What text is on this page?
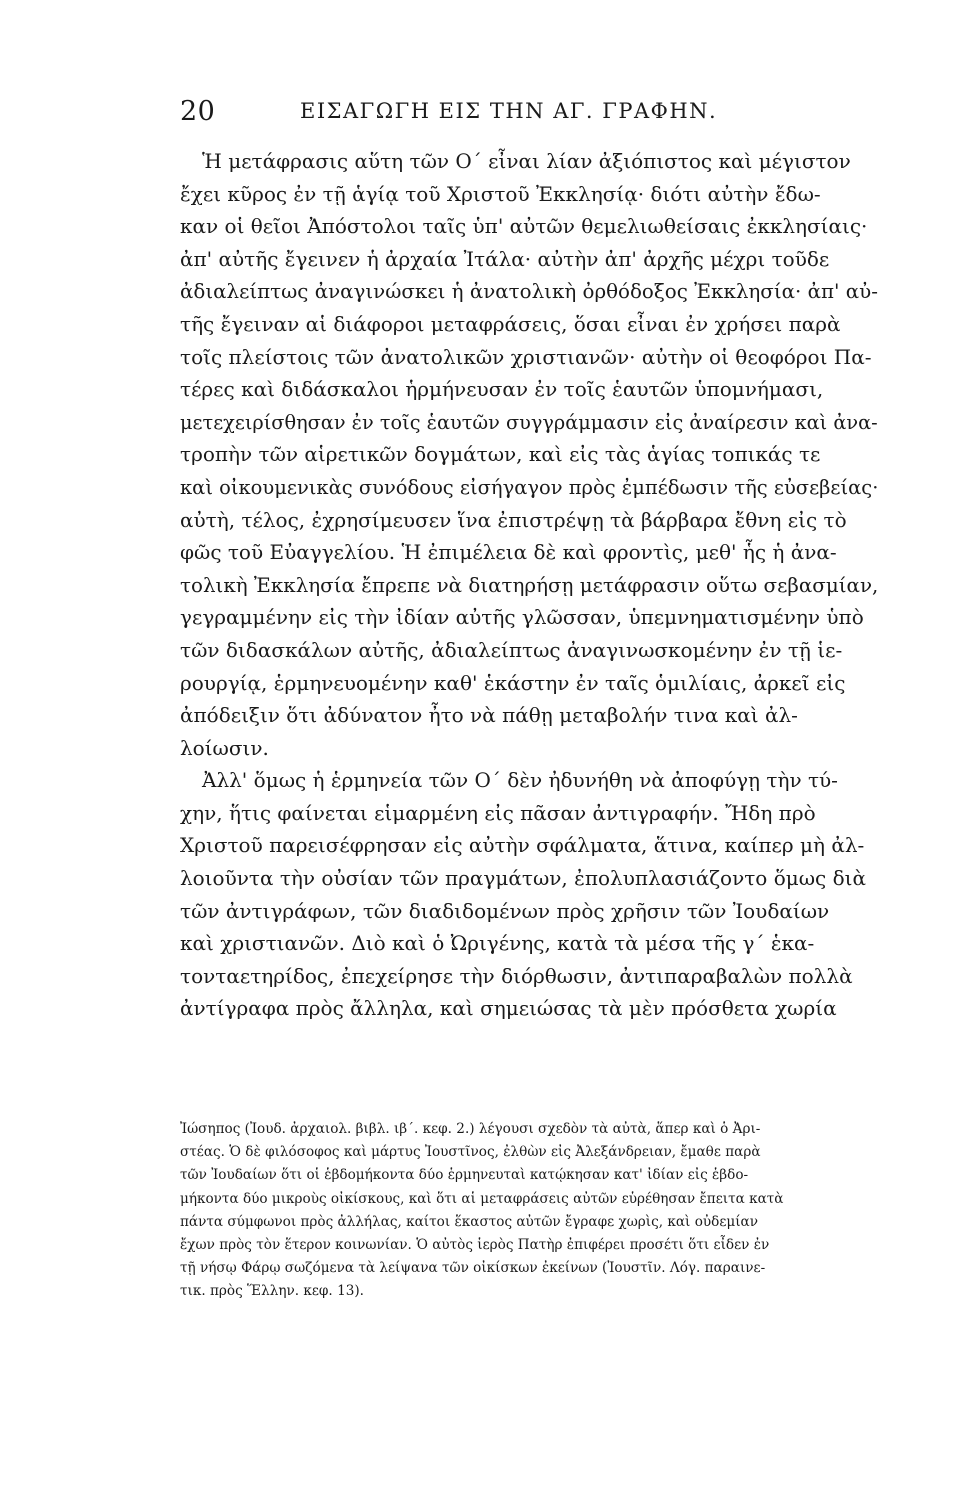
20	ΕΙΣΑΓΩΓΗ ΕΙΣ ΤΗΝ ΑΓ. ΓΡΑΦΗΝ.
Ἡ μετάφρασις αὕτη τῶν Ο΄ εἶναι λίαν ἀξιόπιστος καὶ μέγιστον
ἔχει κῦρος ἐν τῇ ἁγίᾳ τοῦ Χριστοῦ Ἐκκλησίᾳ· διότι αὐτὴν ἔδω-
καν οἱ θεῖοι Ἀπόστολοι ταῖς ὑπ' αὐτῶν θεμελιωθείσαις ἐκκλησίαις·
ἀπ' αὐτῆς ἔγεινεν ἡ ἀρχαία Ἰτάλα· αὐτὴν ἀπ' ἀρχῆς μέχρι τοῦδε
ἀδιαλείπτως ἀναγινώσκει ἡ ἀνατολικὴ ὀρθόδοξος Ἐκκλησία· ἀπ' αὐ-
τῆς ἔγειναν αἱ διάφοροι μεταφράσεις, ὅσαι εἶναι ἐν χρήσει παρὰ
τοῖς πλείστοις τῶν ἀνατολικῶν χριστιανῶν· αὐτὴν οἱ θεοφόροι Πα-
τέρες καὶ διδάσκαλοι ἡρμήνευσαν ἐν τοῖς ἑαυτῶν ὑπομνήμασι,
μετεχειρίσθησαν ἐν τοῖς ἑαυτῶν συγγράμμασιν εἰς ἀναίρεσιν καὶ ἀνα-
τροπὴν τῶν αἱρετικῶν δογμάτων, καὶ εἰς τὰς ἁγίας τοπικάς τε
καὶ οἰκουμενικὰς συνόδους εἰσήγαγον πρὸς ἐμπέδωσιν τῆς εὐσεβείας·
αὐτὴ, τέλος, ἐχρησίμευσεν ἵνα ἐπιστρέψῃ τὰ βάρβαρα ἔθνη εἰς τὸ
φῶς τοῦ Εὐαγγελίου. Ἡ ἐπιμέλεια δὲ καὶ φροντὶς, μεθ' ἧς ἡ ἀνα-
τολικὴ Ἐκκλησία ἔπρεπε νὰ διατηρήσῃ μετάφρασιν οὕτω σεβασμίαν,
γεγραμμένην εἰς τὴν ἰδίαν αὐτῆς γλῶσσαν, ὑπεμνηματισμένην ὑπὸ
τῶν διδασκάλων αὐτῆς, ἀδιαλείπτως ἀναγινωσκομένην ἐν τῇ ἱε-
ρουργίᾳ, ἑρμηνευομένην καθ' ἑκάστην ἐν ταῖς ὁμιλίαις, ἀρκεῖ εἰς
ἀπόδειξιν ὅτι ἀδύνατον ἦτο νὰ πάθῃ μεταβολήν τινα καὶ ἀλ-
λοίωσιν.
Ἀλλ' ὅμως ἡ ἑρμηνεία τῶν Ο΄ δὲν ἠδυνήθη νὰ ἀποφύγῃ τὴν τύ-
χην, ἥτις φαίνεται εἱμαρμένη εἰς πᾶσαν ἀντιγραφήν. Ἤδη πρὸ
Χριστοῦ παρεισέφρησαν εἰς αὐτὴν σφάλματα, ἅτινα, καίπερ μὴ ἀλ-
λοιοῦντα τὴν οὐσίαν τῶν πραγμάτων, ἐπολυπλασιάζοντο ὅμως διὰ
τῶν ἀντιγράφων, τῶν διαδιδομένων πρὸς χρῆσιν τῶν Ἰουδαίων
καὶ χριστιανῶν. Διὸ καὶ ὁ Ὠριγένης, κατὰ τὰ μέσα τῆς γ΄ ἑκα-
τονταετηρίδος, ἐπεχείρησε τὴν διόρθωσιν, ἀντιπαραβαλὼν πολλὰ
ἀντίγραφα πρὸς ἄλληλα, καὶ σημειώσας τὰ μὲν πρόσθετα χωρία
Ἰώσηπος (Ἰουδ. ἀρχαιολ. βιβλ. ιβ΄. κεφ. 2.) λέγουσι σχεδὸν τὰ αὐτὰ, ἅπερ καὶ ὁ Ἀρι-
στέας. Ὁ δὲ φιλόσοφος καὶ μάρτυς Ἰουστῖνος, ἐλθὼν εἰς Ἀλεξάνδρειαν, ἔμαθε παρὰ
τῶν Ἰουδαίων ὅτι οἱ ἑβδομήκοντα δύο ἑρμηνευταὶ κατῴκησαν κατ' ἰδίαν εἰς ἑβδο-
μήκοντα δύο μικροὺς οἰκίσκους, καὶ ὅτι αἱ μεταφράσεις αὐτῶν εὑρέθησαν ἔπειτα κατὰ
πάντα σύμφωνοι πρὸς ἀλλήλας, καίτοι ἕκαστος αὐτῶν ἔγραφε χωρὶς, καὶ οὐδεμίαν
ἔχων πρὸς τὸν ἕτερον κοινωνίαν. Ὁ αὐτὸς ἱερὸς Πατὴρ ἐπιφέρει προσέτι ὅτι εἶδεν ἐν
τῇ νήσῳ Φάρῳ σωζόμενα τὰ λείψανα τῶν οἰκίσκων ἐκείνων (Ἰουστῖν. Λόγ. παραινε-
τικ. πρὸς Ἕλλην. κεφ. 13).
